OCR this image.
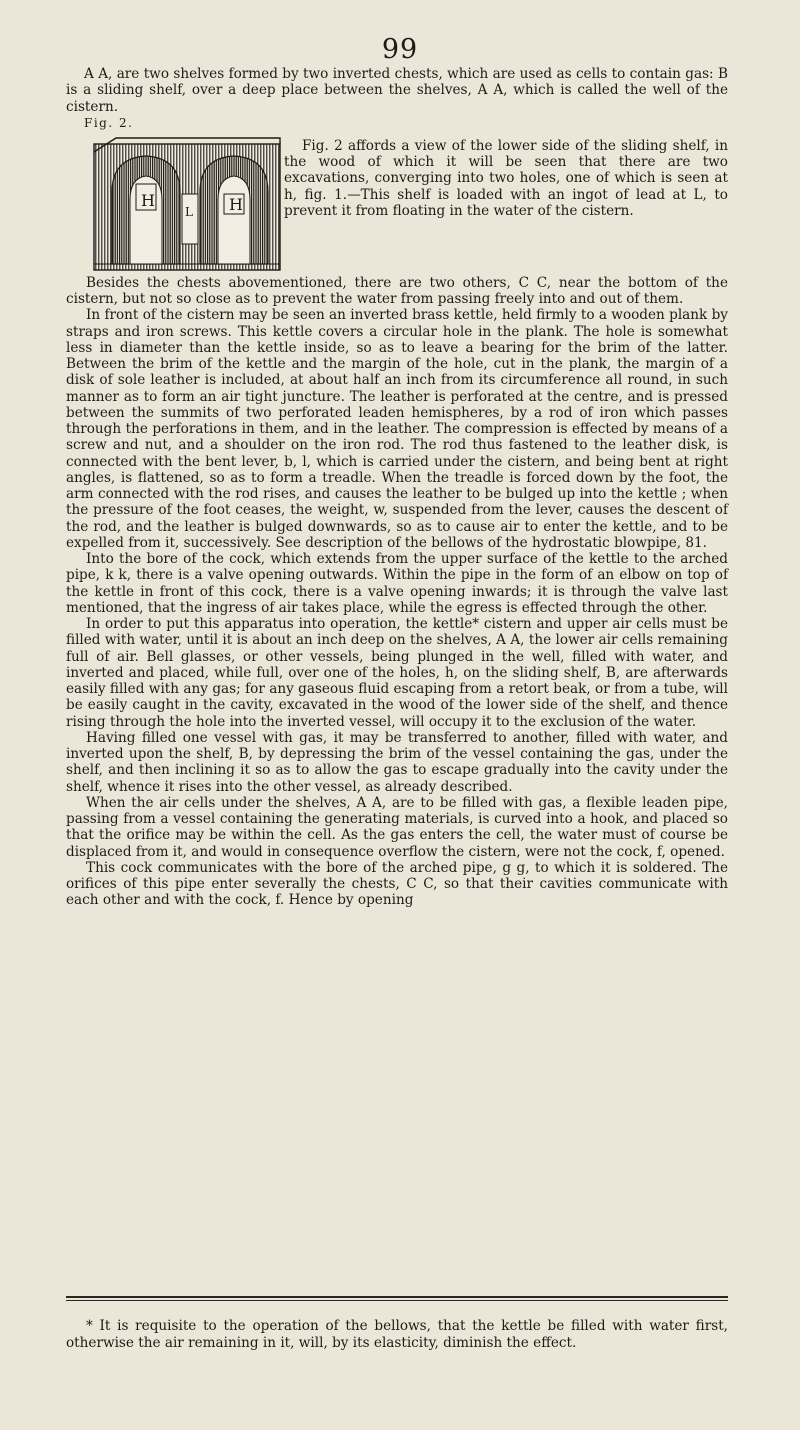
99

A A, are two shelves formed by two inverted chests, which are used as cells to contain gas: B is a sliding shelf, over a deep place between the shelves, A A, which is called the well of the cistern.

Fig. 2.
H	H
L

Fig. 2 affords a view of the lower side of the sliding shelf, in the wood of which it will be seen that there are two excavations, converging into two holes, one of which is seen at h, fig. 1.—This shelf is loaded with an ingot of lead at L, to prevent it from floating in the water of the cistern.

Besides the chests abovementioned, there are two others, C C, near the bottom of the cistern, but not so close as to prevent the water from passing freely into and out of them.

In front of the cistern may be seen an inverted brass kettle, held firmly to a wooden plank by straps and iron screws. This kettle covers a circular hole in the plank. The hole is somewhat less in diameter than the kettle inside, so as to leave a bearing for the brim of the latter. Between the brim of the kettle and the margin of the hole, cut in the plank, the margin of a disk of sole leather is included, at about half an inch from its circumference all round, in such manner as to form an air tight juncture. The leather is perforated at the centre, and is pressed between the summits of two perforated leaden hemispheres, by a rod of iron which passes through the perforations in them, and in the leather. The compression is effected by means of a screw and nut, and a shoulder on the iron rod. The rod thus fastened to the leather disk, is connected with the bent lever, b, l, which is carried under the cistern, and being bent at right angles, is flattened, so as to form a treadle. When the treadle is forced down by the foot, the arm connected with the rod rises, and causes the leather to be bulged up into the kettle ; when the pressure of the foot ceases, the weight, w, suspended from the lever, causes the descent of the rod, and the leather is bulged downwards, so as to cause air to enter the kettle, and to be expelled from it, successively. See description of the bellows of the hydrostatic blowpipe, 81.

Into the bore of the cock, which extends from the upper surface of the kettle to the arched pipe, k k, there is a valve opening outwards. Within the pipe in the form of an elbow on top of the kettle in front of this cock, there is a valve opening inwards; it is through the valve last mentioned, that the ingress of air takes place, while the egress is effected through the other.

In order to put this apparatus into operation, the kettle* cistern and upper air cells must be filled with water, until it is about an inch deep on the shelves, A A, the lower air cells remaining full of air. Bell glasses, or other vessels, being plunged in the well, filled with water, and inverted and placed, while full, over one of the holes, h, on the sliding shelf, B, are afterwards easily filled with any gas; for any gaseous fluid escaping from a retort beak, or from a tube, will be easily caught in the cavity, excavated in the wood of the lower side of the shelf, and thence rising through the hole into the inverted vessel, will occupy it to the exclusion of the water.

Having filled one vessel with gas, it may be transferred to another, filled with water, and inverted upon the shelf, B, by depressing the brim of the vessel containing the gas, under the shelf, and then inclining it so as to allow the gas to escape gradually into the cavity under the shelf, whence it rises into the other vessel, as already described.

When the air cells under the shelves, A A, are to be filled with gas, a flexible leaden pipe, passing from a vessel containing the generating materials, is curved into a hook, and placed so that the orifice may be within the cell. As the gas enters the cell, the water must of course be displaced from it, and would in consequence overflow the cistern, were not the cock, f, opened.

This cock communicates with the bore of the arched pipe, g g, to which it is soldered. The orifices of this pipe enter severally the chests, C C, so that their cavities communicate with each other and with the cock, f. Hence by opening

* It is requisite to the operation of the bellows, that the kettle be filled with water first, otherwise the air remaining in it, will, by its elasticity, diminish the effect.
